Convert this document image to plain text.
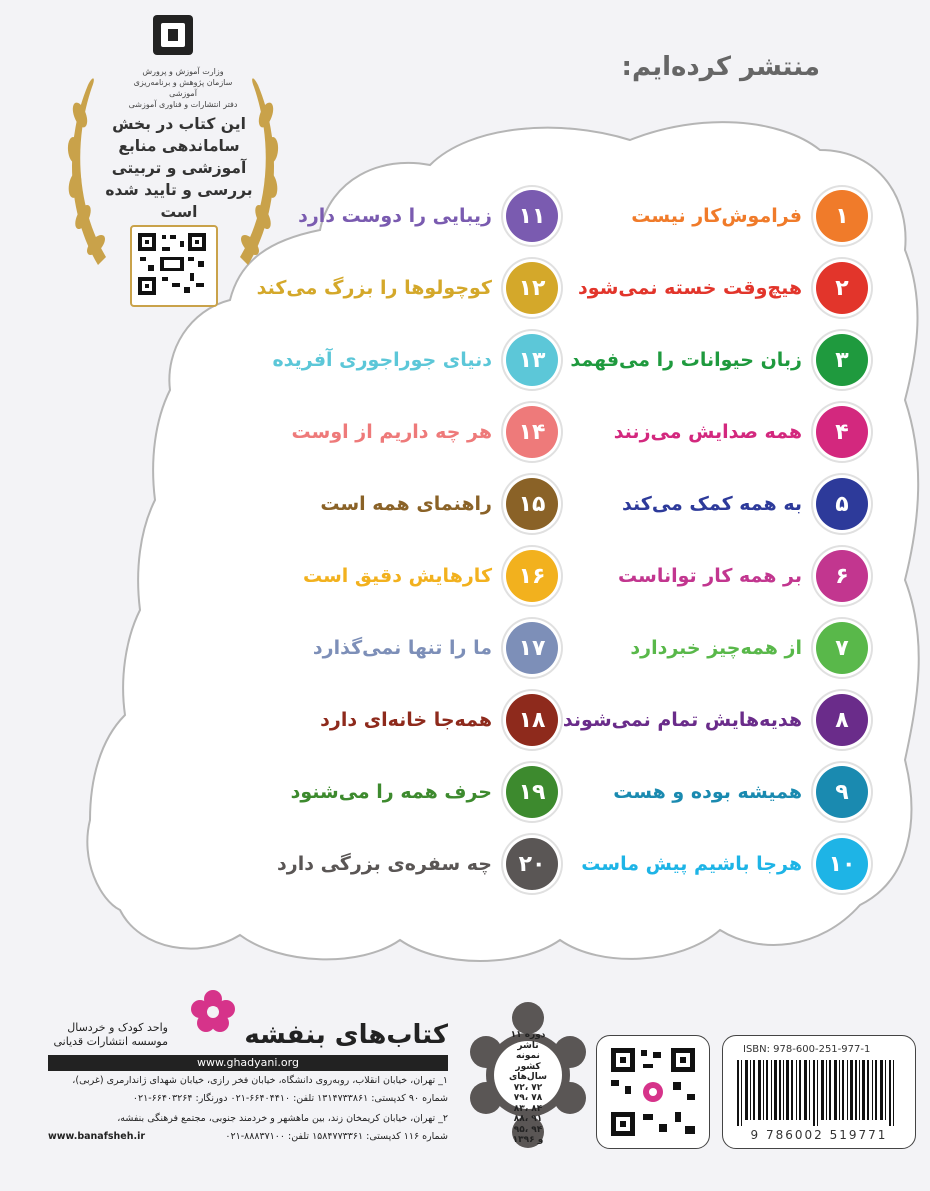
منتشر کرده‌ایم:
وزارت آموزش و پرورش
سازمان پژوهش و برنامه‌ریزی آموزشی
دفتر انتشارات و فناوری آموزشی
این کتاب در بخش
ساماندهی منابع
آموزشی و تربیتی
بررسی و تایید شده است	۱
فراموش‌کار نیست
۲
هیچ‌وقت خسته نمی‌شود
۳
زبان حیوانات را می‌فهمد
۴
همه صدایش می‌زنند
۵
به همه کمک می‌کند
۶
بر همه کار تواناست
۷
از همه‌چیز خبردارد
۸
هدیه‌هایش تمام نمی‌شوند
۹
همیشه بوده و هست
۱۰
هرجا باشیم پیش ماست
۱۱
زیبایی را دوست دارد
۱۲
کوچولوها را بزرگ می‌کند
۱۳
دنیای جوراجوری آفریده
۱۴
هر چه داریم از اوست
۱۵
راهنمای همه است
۱۶
کارهایش دقیق است
۱۷
ما را تنها نمی‌گذارد
۱۸
همه‌جا خانه‌ای دارد
۱۹
حرف همه را می‌شنود
۲۰
چه سفره‌ی بزرگی دارد
کتاب‌های بنفشه
واحد کودک و خردسال
موسسه انتشارات قدیانی
www.ghadyani.org
۱_ تهران، خیابان انقلاب، روبه‌روی دانشگاه، خیابان فخر رازی، خیابان شهدای ژاندارمری (غربی)،
شماره ۹۰ کدپستی: ۱۳۱۴۷۳۳۸۶۱ تلفن: ۶۶۴۰۴۴۱۰-۰۲۱ دورنگار: ۶۶۴۰۳۲۶۴-۰۲۱
۲_ تهران، خیابان کریمخان زند، بین ماهشهر و خردمند جنوبی، مجتمع فرهنگی بنفشه،
شماره ۱۱۶ کدپستی: ۱۵۸۴۷۷۳۳۶۱ تلفن: ۸۸۸۳۷۱۰۰-۰۲۱
www.banafsheh.ir
۱۱ دوره
ناشر نمونه
کشور
سال‌های
۷۲، ۷۲
۷۹، ۷۸
۸۳، ۸۴
۸۸، ۹۱
۹۵، ۹۴
و ۱۳۹۶
ISBN: 978-600-251-977-1
9 786002 519771
